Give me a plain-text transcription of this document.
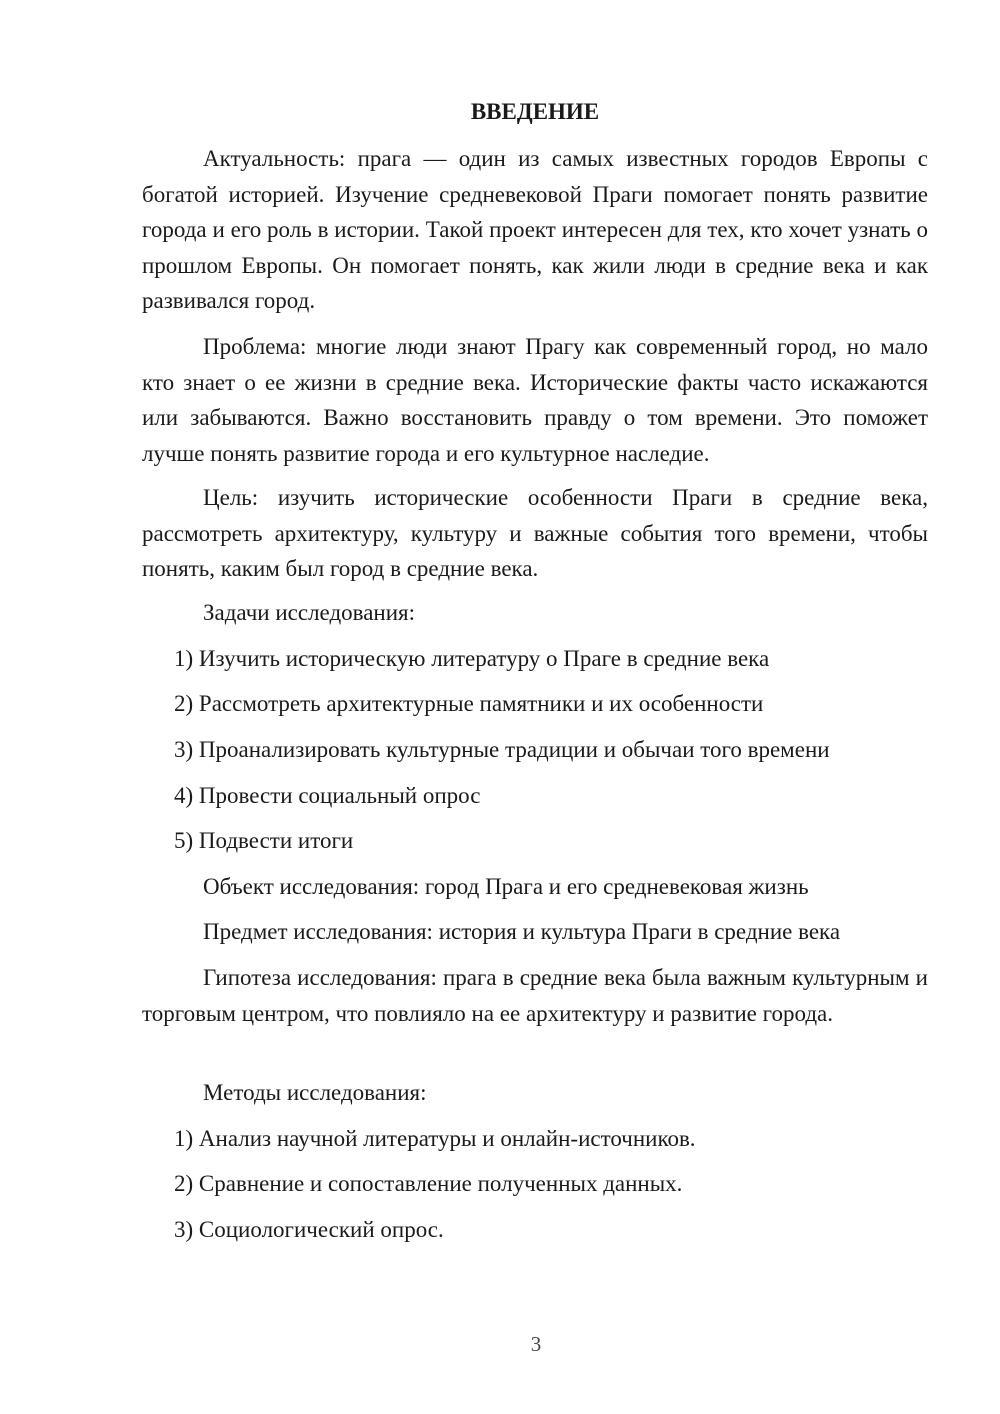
ВВЕДЕНИЕ

Актуальность: прага — один из самых известных городов Европы с богатой историей. Изучение средневековой Праги помогает понять развитие города и его роль в истории. Такой проект интересен для тех, кто хочет узнать о прошлом Европы. Он помогает понять, как жили люди в средние века и как развивался город.

Проблема: многие люди знают Прагу как современный город, но мало кто знает о ее жизни в средние века. Исторические факты часто искажаются или забываются. Важно восстановить правду о том времени. Это поможет лучше понять развитие города и его культурное наследие.

Цель: изучить исторические особенности Праги в средние века, рассмотреть архитектуру, культуру и важные события того времени, чтобы понять, каким был город в средние века.

Задачи исследования:

1) Изучить историческую литературу о Праге в средние века

2) Рассмотреть архитектурные памятники и их особенности

3) Проанализировать культурные традиции и обычаи того времени

4) Провести социальный опрос

5) Подвести итоги

Объект исследования: город Прага и его средневековая жизнь

Предмет исследования: история и культура Праги в средние века

Гипотеза исследования: прага в средние века была важным культурным и торговым центром, что повлияло на ее архитектуру и развитие города.

Методы исследования:

1) Анализ научной литературы и онлайн-источников.

2) Сравнение и сопоставление полученных данных.

3) Социологический опрос.

3
